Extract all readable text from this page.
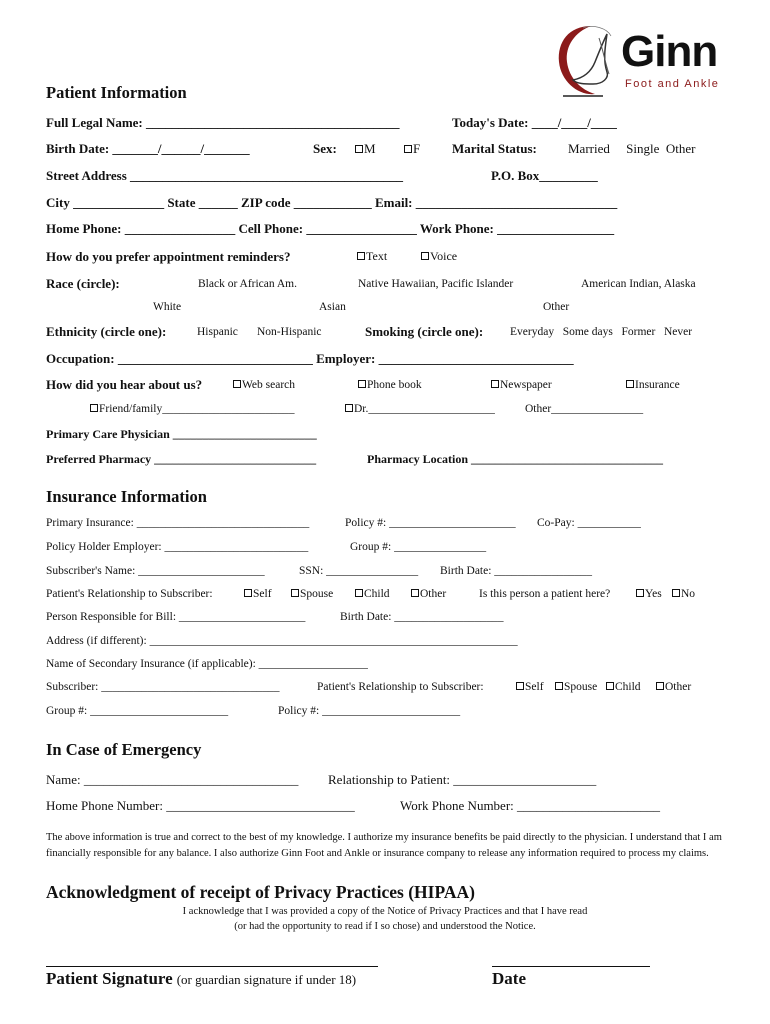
Ginn
Foot and Ankle
Patient Information
Full Legal Name: _______________________________________	Today's Date: ____/____/____
Birth Date: _______/______/_______	Sex:	M	F Marital Status: Married     Single  Other
Street Address __________________________________________	P.O. Box_________
City ______________ State ______ ZIP code ____________ Email: _______________________________
Home Phone: _________________ Cell Phone: _________________ Work Phone: __________________
How do you prefer appointment reminders?	Text	Voice
Race (circle):	Black or African Am.	Native Hawaiian, Pacific Islander	American Indian, Alaska
White	Asian	Other
Ethnicity (circle one):	Hispanic Non-Hispanic	Smoking (circle one): Everyday   Some days   Former   Never
Occupation: ______________________________ Employer: ______________________________
How did you hear about us?	Web search	Phone book	Newspaper	Insurance
Friend/family_______________________	Dr.______________________	Other________________
Primary Care Physician ________________________
Preferred Pharmacy ___________________________	Pharmacy Location ________________________________
Insurance Information
Primary Insurance: ______________________________	Policy #: ______________________ Co-Pay: ___________
Policy Holder Employer: _________________________	Group #: ________________
Subscriber's Name: ______________________	SSN: ________________ Birth Date: _________________
Patient's Relationship to Subscriber:	Self	Spouse	Child	Other	Is this person a patient here?	Yes	No
Person Responsible for Bill: ______________________	Birth Date: ___________________
Address (if different): ________________________________________________________________
Name of Secondary Insurance (if applicable): ___________________
Subscriber: _______________________________	Patient's Relationship to Subscriber:	Self	Spouse	Child	Other
Group #: ________________________	Policy #: ________________________
In Case of Emergency
Name: _________________________________ Relationship to Patient: ______________________
Home Phone Number: _____________________________	Work Phone Number: ______________________
The above information is true and correct to the best of my knowledge. I authorize my insurance benefits be paid directly to the physician. I understand that I am financially responsible for any balance. I also authorize Ginn Foot and Ankle or insurance company to release any information required to process my claims.
Acknowledgment of receipt of Privacy Practices (HIPAA)
I acknowledge that I was provided a copy of the Notice of Privacy Practices and that I have read
(or had the opportunity to read if I so chose) and understood the Notice.
Patient Signature (or guardian signature if under 18)	Date
